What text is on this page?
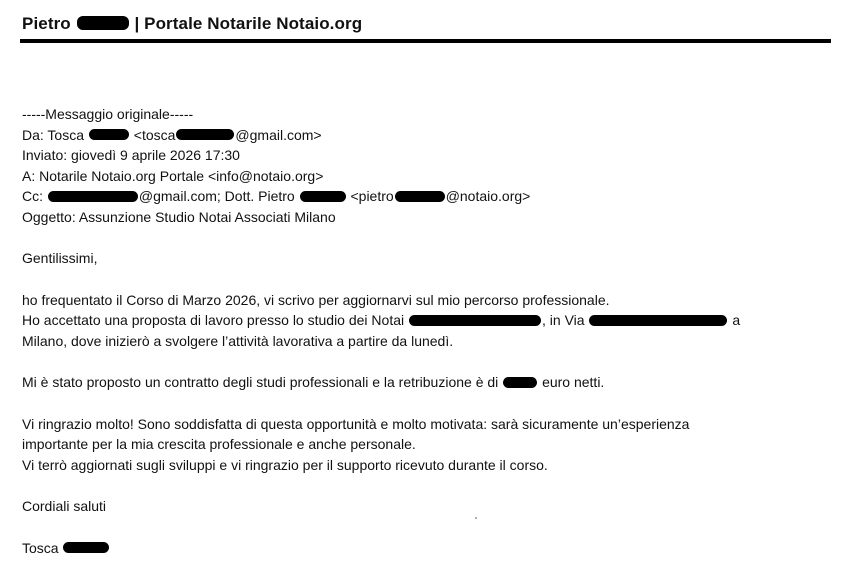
Pietro	| Portale Notarile Notaio.org
-----Messaggio originale-----
Da: Tosca	<tosca	@gmail.com>
Inviato: giovedì 9 aprile 2026 17:30
A: Notarile Notaio.org Portale <info@notaio.org>
Cc:	@gmail.com; Dott. Pietro	<pietro	@notaio.org>
Oggetto: Assunzione Studio Notai Associati Milano
Gentilissimi,
ho frequentato il Corso di Marzo 2026, vi scrivo per aggiornarvi sul mio percorso professionale.
Ho accettato una proposta di lavoro presso lo studio dei Notai	, in Via	a
Milano, dove inizierò a svolgere l’attività lavorativa a partire da lunedì.
Mi è stato proposto un contratto degli studi professionali e la retribuzione è di	euro netti.
Vi ringrazio molto! Sono soddisfatta di questa opportunità e molto motivata: sarà sicuramente un’esperienza
importante per la mia crescita professionale e anche personale.
Vi terrò aggiornati sugli sviluppi e vi ringrazio per il supporto ricevuto durante il corso.
Cordiali saluti
Tosca
